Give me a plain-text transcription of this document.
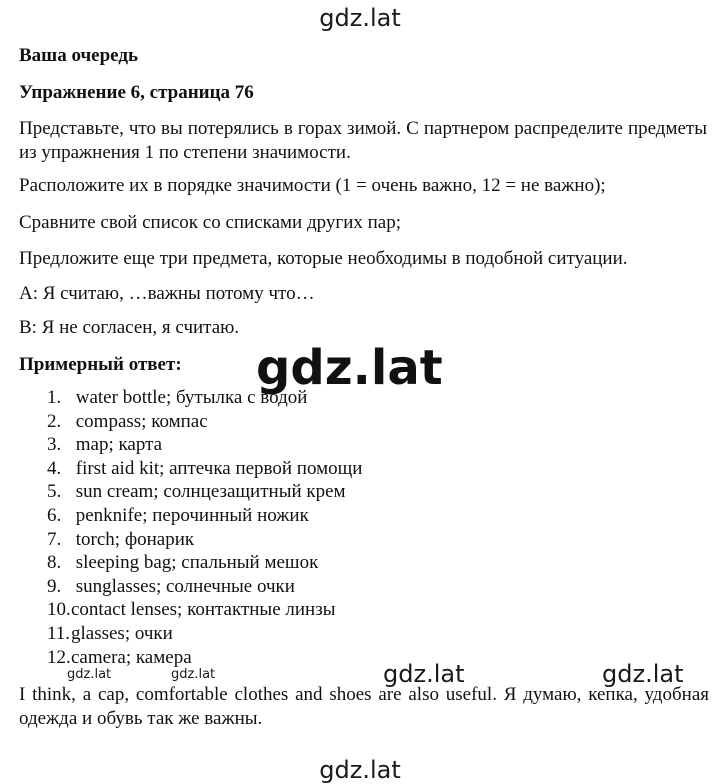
gdz.lat
Ваша очередь
Упражнение 6, страница 76
Представьте, что вы потерялись в горах зимой. С партнером распределите предметы из упражнения 1 по степени значимости.
Расположите их в порядке значимости (1 = очень важно, 12 = не важно);
Сравните свой список со списками других пар;
Предложите еще три предмета, которые необходимы в подобной ситуации.
A: Я считаю, …важны потому что…
B: Я не согласен, я считаю.
Примерный ответ:
1. water bottle; бутылка с водой
2. compass; компас
3. map; карта
4. first aid kit; аптечка первой помощи
5. sun cream; солнцезащитный крем
6. penknife; перочинный ножик
7. torch; фонарик
8. sleeping bag; спальный мешок
9. sunglasses; солнечные очки
10.contact lenses; контактные линзы
11.glasses; очки
12.camera; камера
I think, a cap, comfortable clothes and shoes are also useful. Я думаю, кепка, удобная одежда и обувь так же важны.
gdz.lat
gdz.lat	gdz.lat	gdz.lat	gdz.lat
gdz.lat
